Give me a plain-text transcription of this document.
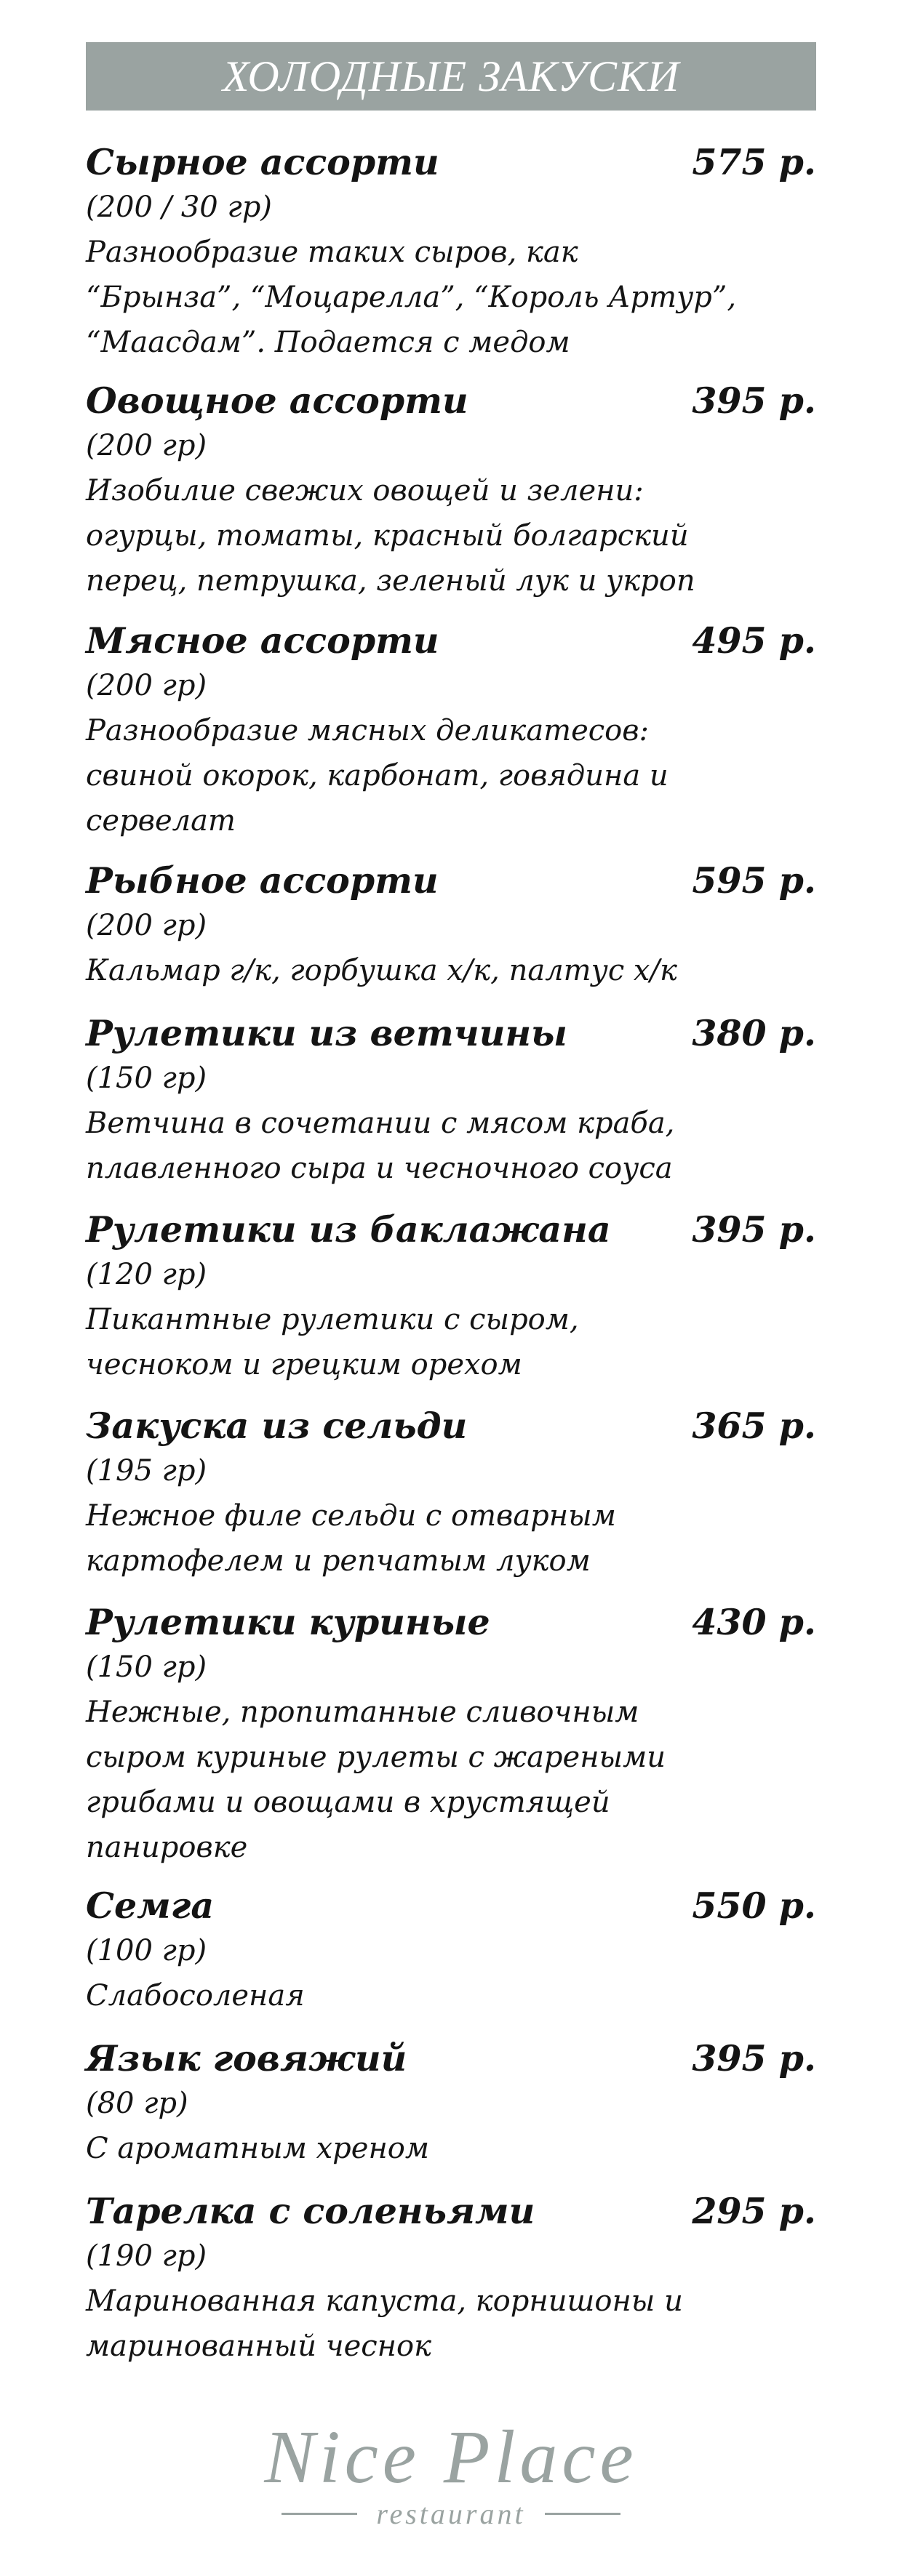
ХОЛОДНЫЕ ЗАКУСКИ
Сырное ассорти	575 р.
(200 / 30 гр)
Разнообразие таких сыров, как
“Брынза”, “Моцарелла”, “Король Артур”,
“Маасдам”. Подается с медом
Овощное ассорти	395 р.
(200 гр)
Изобилие свежих овощей и зелени:
огурцы, томаты, красный болгарский
перец, петрушка, зеленый лук и укроп
Мясное ассорти	495 р.
(200 гр)
Разнообразие мясных деликатесов:
свиной окорок, карбонат, говядина и
сервелат
Рыбное ассорти	595 р.
(200 гр)
Кальмар г/к, горбушка х/к, палтус х/к
Рулетики из ветчины	380 р.
(150 гр)
Ветчина в сочетании с мясом краба,
плавленного сыра и чесночного соуса
Рулетики из баклажана 395 р.
(120 гр)
Пикантные рулетики с сыром,
чесноком и грецким орехом
Закуска из сельди	365 р.
(195 гр)
Нежное филе сельди с отварным
картофелем и репчатым луком
Рулетики куриные	430 р.
(150 гр)
Нежные, пропитанные сливочным
сыром куриные рулеты с жареными
грибами и овощами в хрустящей
панировке
Семга	550 р.
(100 гр)
Слабосоленая
Язык говяжий	395 р.
(80 гр)
С ароматным хреном
Тарелка с соленьями	295 р.
(190 гр)
Маринованная капуста, корнишоны и
маринованный чеснок
Nice Place
restaurant
